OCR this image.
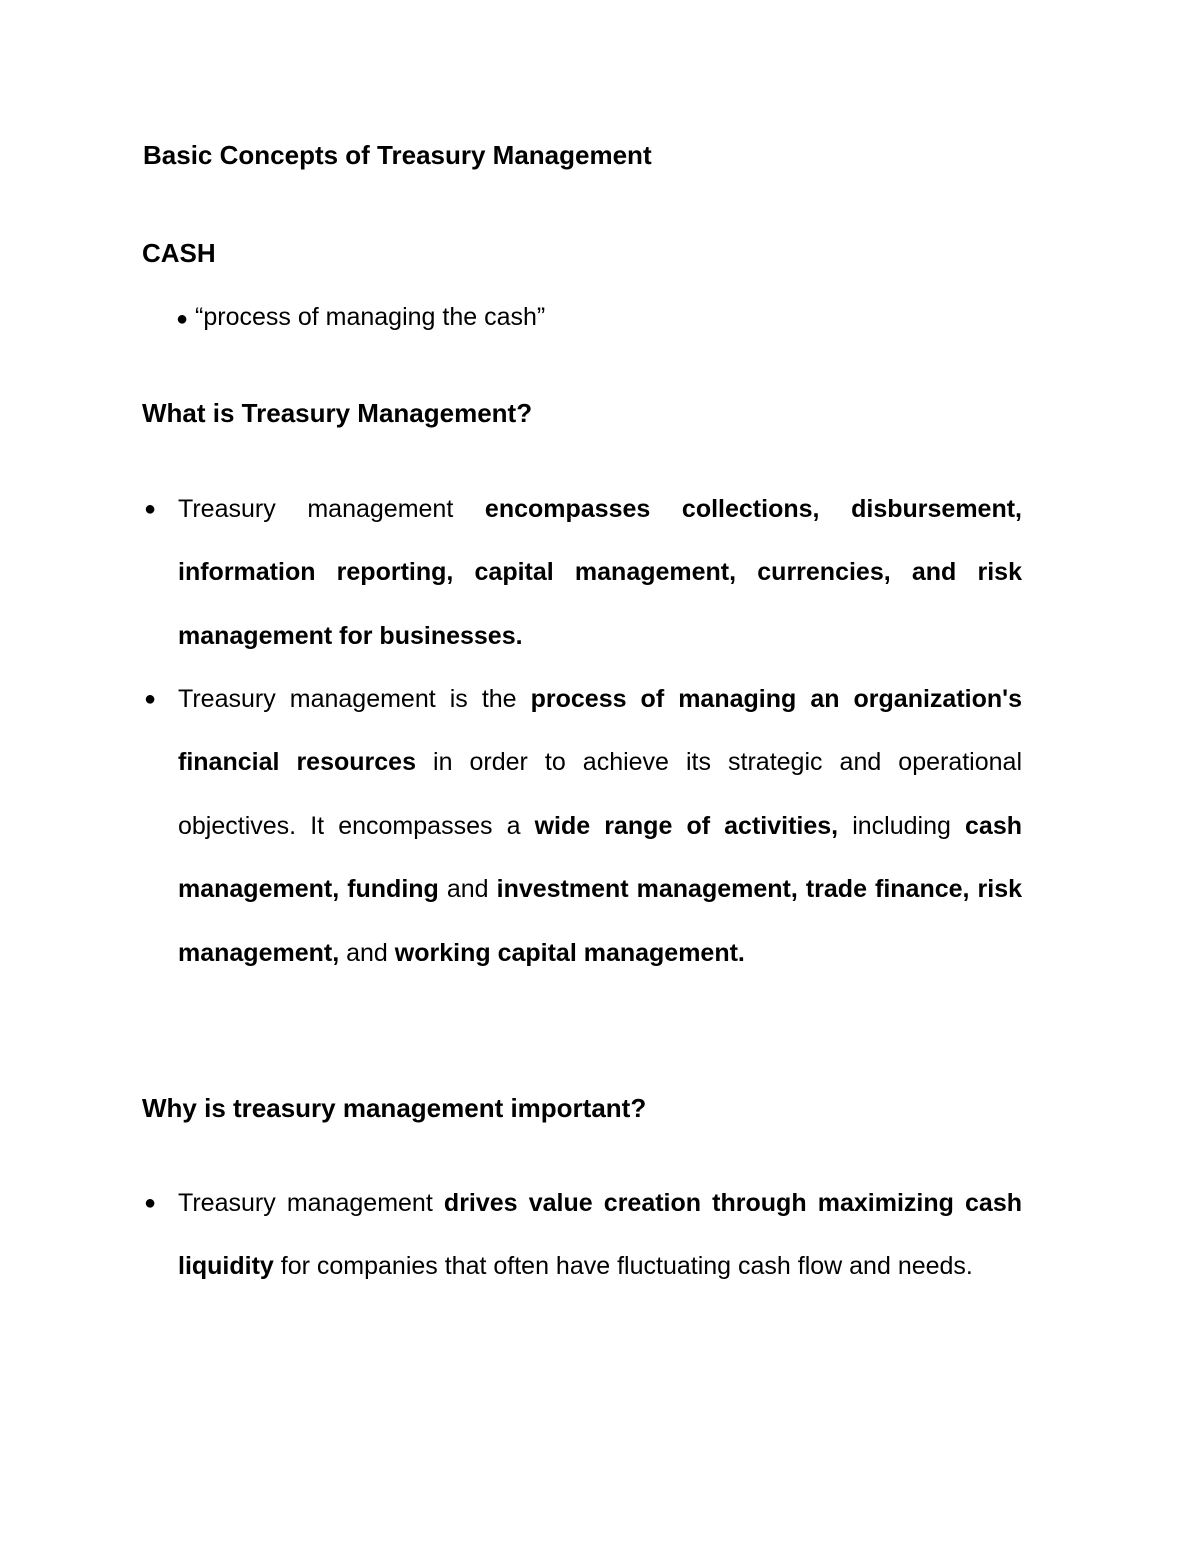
Basic Concepts of Treasury Management
CASH
● “process of managing the cash”
What is Treasury Management?
● Treasury management encompasses collections, disbursement, information reporting, capital management, currencies, and risk management for businesses.
● Treasury management is the process of managing an organization's financial resources in order to achieve its strategic and operational objectives. It encompasses a wide range of activities, including cash management, funding and investment management, trade finance, risk management, and working capital management.
Why is treasury management important?
● Treasury management drives value creation through maximizing cash liquidity for companies that often have fluctuating cash flow and needs.
